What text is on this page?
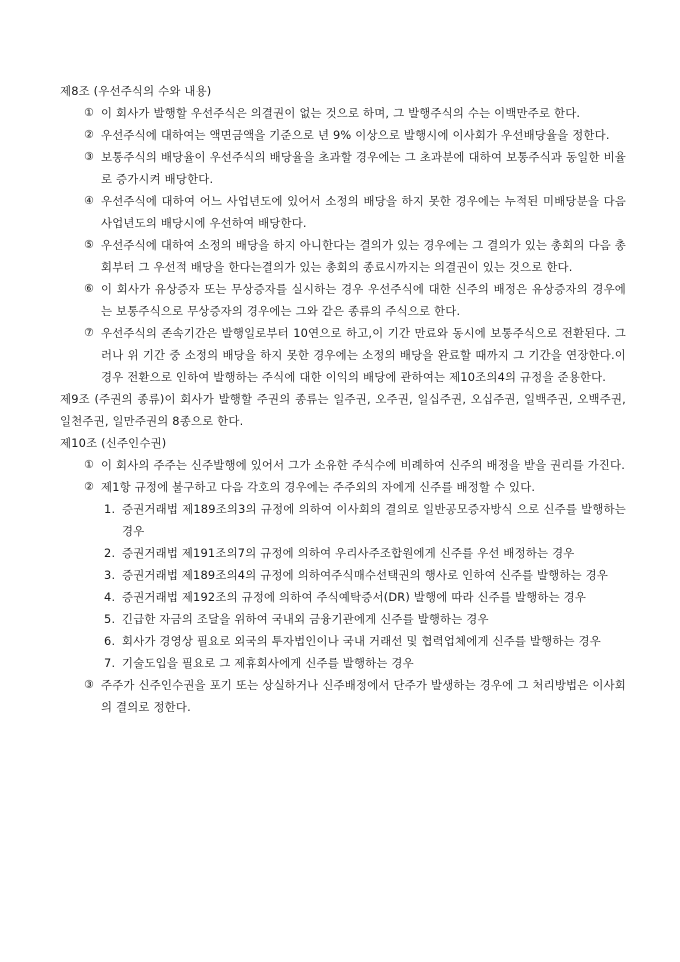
제8조 (우선주식의 수와 내용)

① 이 회사가 발행할 우선주식은 의결권이 없는 것으로 하며, 그 발행주식의 수는 이백만주로 한다.
② 우선주식에 대하여는 액면금액을 기준으로 년 9% 이상으로 발행시에 이사회가 우선배당율을 정한다.
③ 보통주식의 배당율이 우선주식의 배당율을 초과할 경우에는 그 초과분에 대하여 보통주식과 동일한 비율로 증가시켜 배당한다.
④ 우선주식에 대하여 어느 사업년도에 있어서 소정의 배당을 하지 못한 경우에는 누적된 미배당분을 다음 사업년도의 배당시에 우선하여 배당한다.
⑤ 우선주식에 대하여 소정의 배당을 하지 아니한다는 결의가 있는 경우에는 그 결의가 있는 총회의 다음 총회부터 그 우선적 배당을 한다는결의가 있는 총회의 종료시까지는 의결권이 있는 것으로 한다.
⑥ 이 회사가 유상증자 또는 무상증자를 실시하는 경우 우선주식에 대한 신주의 배정은 유상증자의 경우에는 보통주식으로 무상증자의 경우에는 그와 같은 종류의 주식으로 한다.
⑦ 우선주식의 존속기간은 발행일로부터 10연으로 하고,이 기간 만료와 동시에 보통주식으로 전환된다. 그러나 위 기간 중 소정의 배당을 하지 못한 경우에는 소정의 배당을 완료할 때까지 그 기간을 연장한다.이 경우 전환으로 인하여 발행하는 주식에 대한 이익의 배당에 관하여는 제10조의4의 규정을 준용한다.

제9조 (주권의 종류)이 회사가 발행할 주권의 종류는 일주권, 오주권, 일십주권, 오십주권, 일백주권, 오백주권, 일천주권, 일만주권의 8종으로 한다.

제10조 (신주인수권)

① 이 회사의 주주는 신주발행에 있어서 그가 소유한 주식수에 비례하여 신주의 배정을 받을 권리를 가진다.
② 제1항 규정에 불구하고 다음 각호의 경우에는 주주외의 자에게 신주를 배정할 수 있다.
1. 증권거래법 제189조의3의 규정에 의하여 이사회의 결의로 일반공모증자방식 으로 신주를 발행하는 경우
2. 증권거래법 제191조의7의 규정에 의하여 우리사주조합원에게 신주를 우선 배정하는 경우
3. 증권거래법 제189조의4의 규정에 의하여주식매수선택권의 행사로 인하여 신주를 발행하는 경우
4. 증권거래법 제192조의 규정에 의하여 주식예탁증서(DR) 발행에 따라 신주를 발행하는 경우
5. 긴급한 자금의 조달을 위하여 국내외 금융기관에게 신주를 발행하는 경우
6. 회사가 경영상 필요로 외국의 투자법인이나 국내 거래선 및 협력업체에게 신주를 발행하는 경우
7. 기술도입을 필요로 그 제휴회사에게 신주를 발행하는 경우
③ 주주가 신주인수권을 포기 또는 상실하거나 신주배정에서 단주가 발생하는 경우에 그 처리방법은 이사회의 결의로 정한다.
